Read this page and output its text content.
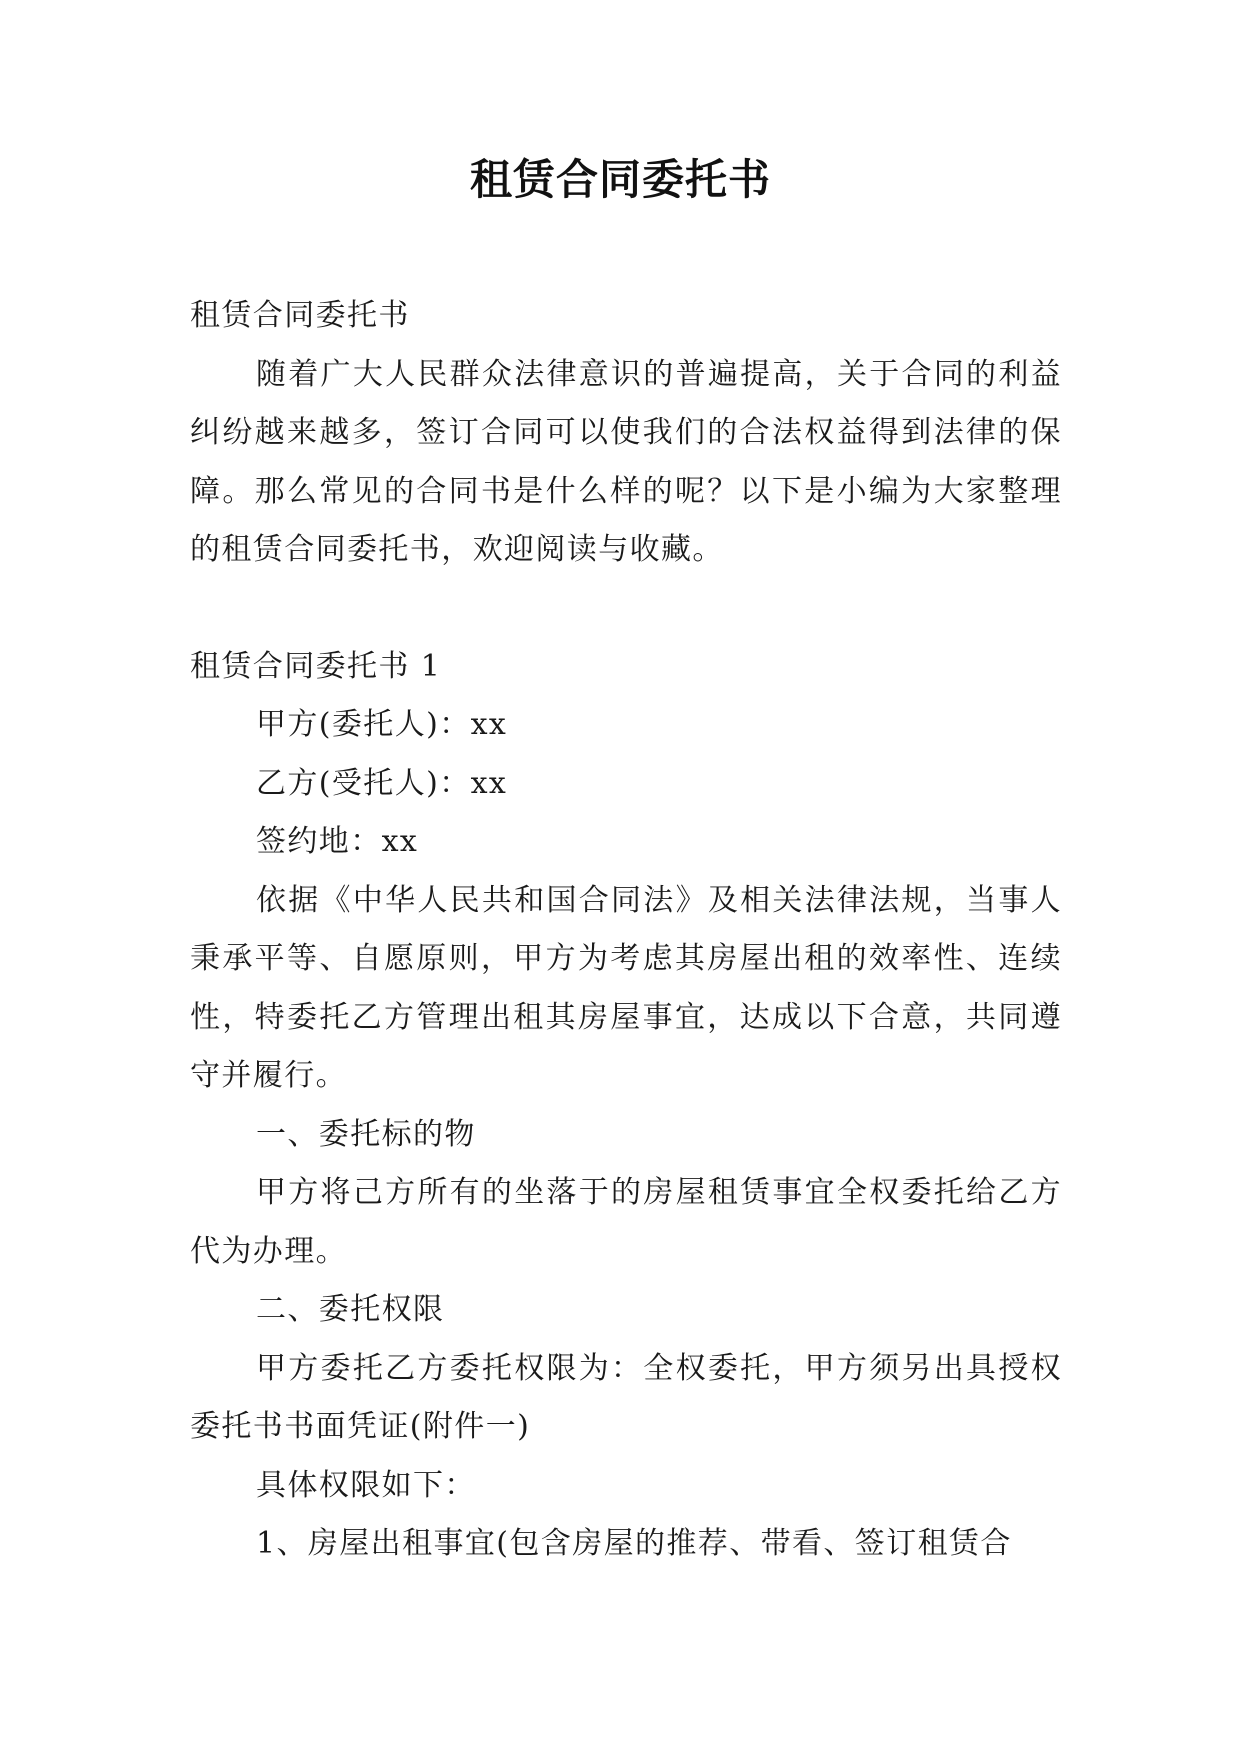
租赁合同委托书

租赁合同委托书

随着广大人民群众法律意识的普遍提高，关于合同的利益纠纷越来越多，签订合同可以使我们的合法权益得到法律的保障。那么常见的合同书是什么样的呢？以下是小编为大家整理的租赁合同委托书，欢迎阅读与收藏。

租赁合同委托书 1

甲方(委托人)：xx

乙方(受托人)：xx

签约地：xx

依据《中华人民共和国合同法》及相关法律法规，当事人秉承平等、自愿原则，甲方为考虑其房屋出租的效率性、连续性，特委托乙方管理出租其房屋事宜，达成以下合意，共同遵守并履行。

一、委托标的物

甲方将己方所有的坐落于的房屋租赁事宜全权委托给乙方代为办理。

二、委托权限

甲方委托乙方委托权限为：全权委托，甲方须另出具授权委托书书面凭证(附件一)

具体权限如下：

1、房屋出租事宜(包含房屋的推荐、带看、签订租赁合
